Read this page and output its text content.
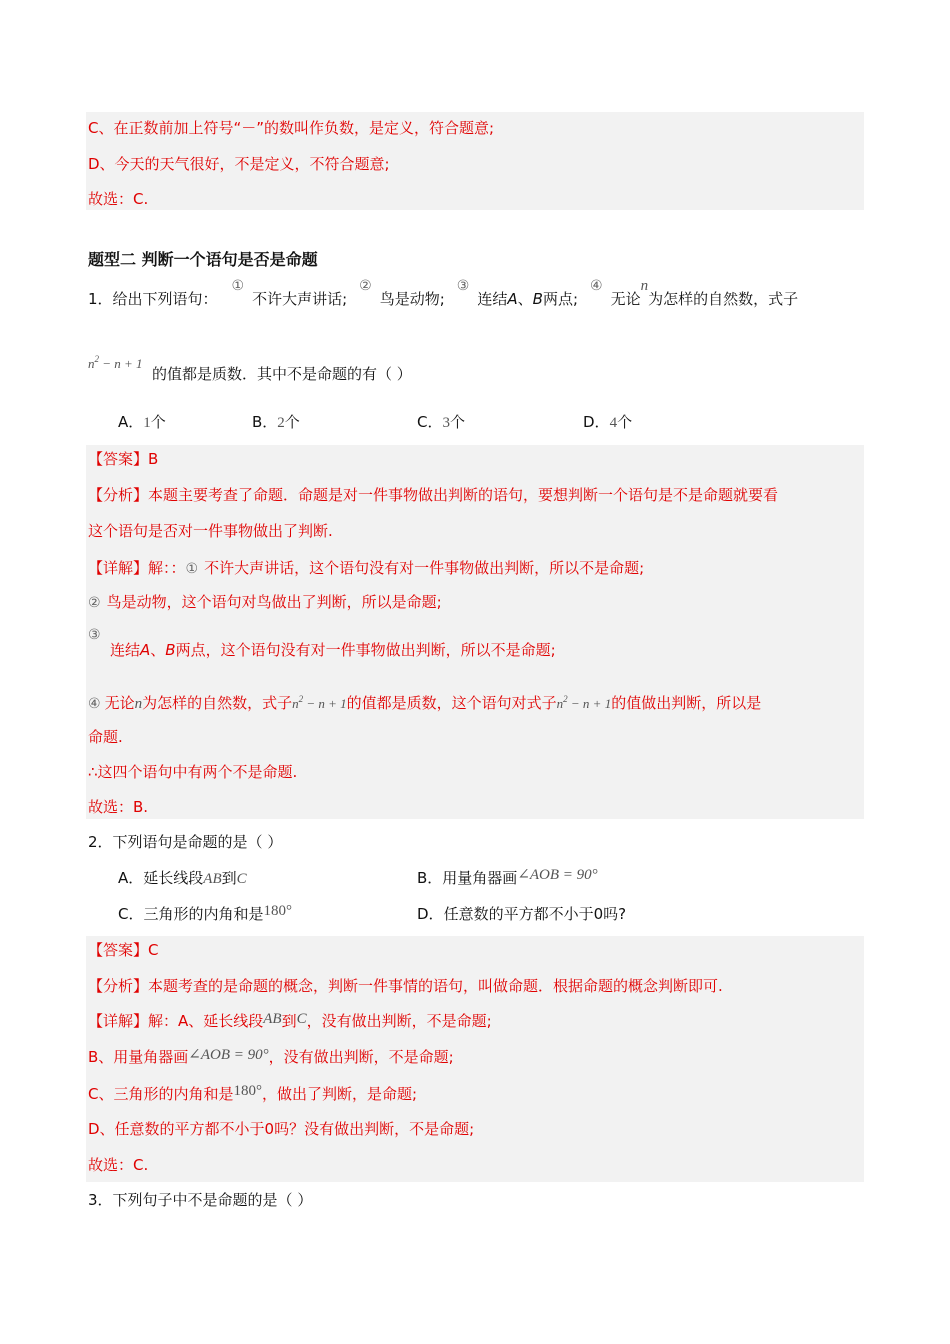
C、在正数前加上符号“－”的数叫作负数，是定义，符合题意;
D、今天的天气很好，不是定义，不符合题意;
故选：C.
题型二 判断一个语句是否是命题
1．给出下列语句：①不许大声讲话;②鸟是动物;③连结A、B两点;④无论n为怎样的自然数，式子
$n^2 - n + 1$
的值都是质数．其中不是命题的有（ ）
A．1个	B．2个	C．3个	D．4个
【答案】B
【分析】本题主要考查了命题．命题是对一件事物做出判断的语句，要想判断一个语句是不是命题就要看
这个语句是否对一件事物做出了判断.
【详解】解：：① 不许大声讲话，这个语句没有对一件事物做出判断，所以不是命题;
② 鸟是动物，这个语句对鸟做出了判断，所以是命题;
③
连结A、B两点，这个语句没有对一件事物做出判断，所以不是命题;
④ 无论n为怎样的自然数，式子$n^2 - n + 1$的值都是质数，这个语句对式子$n^2 - n + 1$的值做出判断，所以是
命题.
∴这四个语句中有两个不是命题.
故选：B.
2．下列语句是命题的是（ ）
A．延长线段AB到C	B．用量角器画∠AOB = 90°
C．三角形的内角和是180°	D．任意数的平方都不小于0吗?
【答案】C
【分析】本题考查的是命题的概念，判断一件事情的语句，叫做命题．根据命题的概念判断即可.
【详解】解：A、延长线段AB到C，没有做出判断，不是命题;
B、用量角器画∠AOB = 90°，没有做出判断，不是命题;
C、三角形的内角和是180°，做出了判断，是命题;
D、任意数的平方都不小于0吗？没有做出判断，不是命题;
故选：C.
3．下列句子中不是命题的是（ ）
